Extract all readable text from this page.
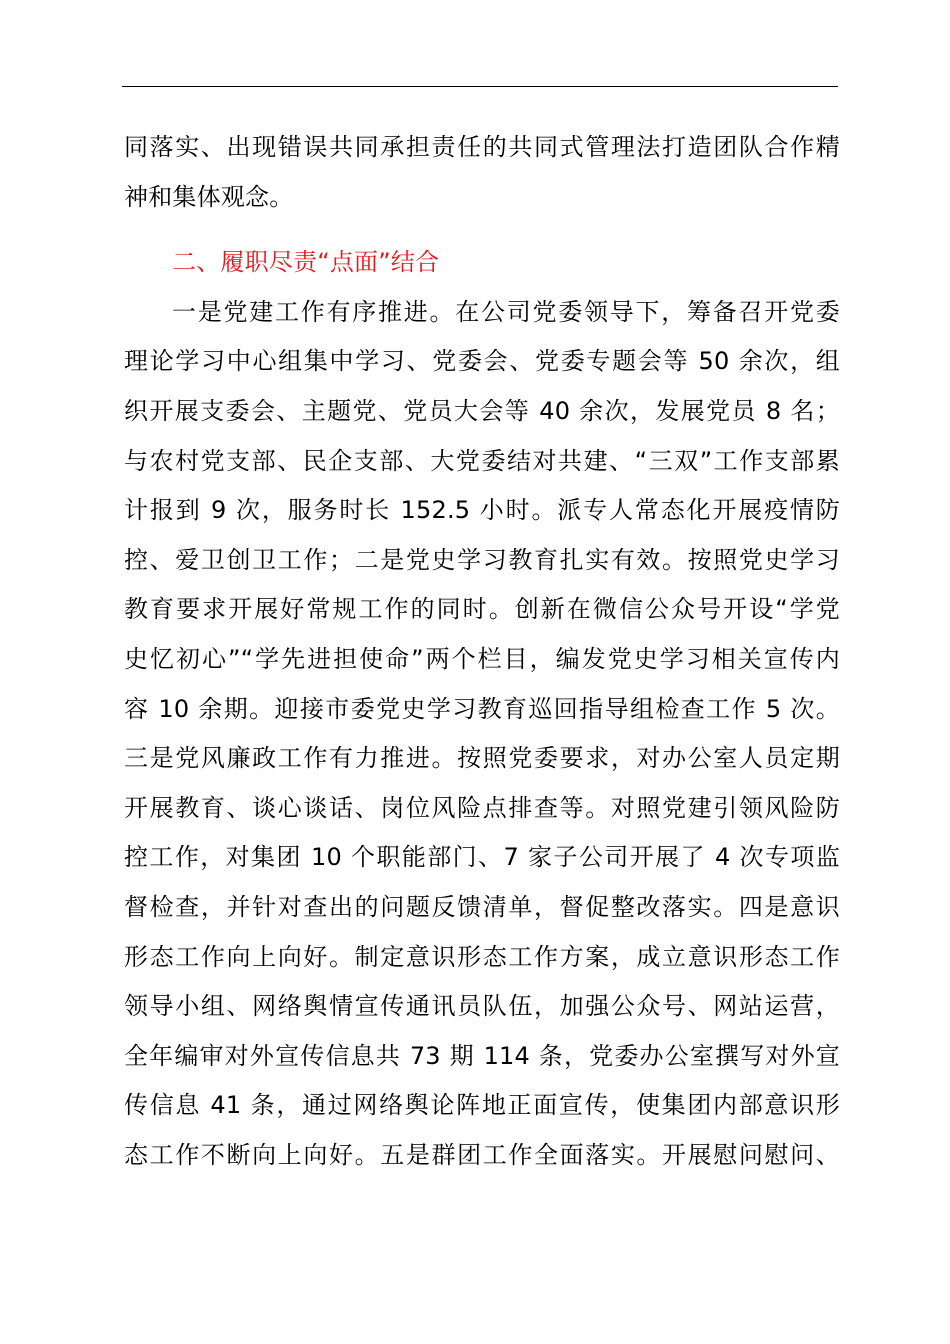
同落实、出现错误共同承担责任的共同式管理法打造团队合作精
神和集体观念。
二、履职尽责“点面”结合
一是党建工作有序推进。在公司党委领导下，筹备召开党委
理论学习中心组集中学习、党委会、党委专题会等 50 余次，组
织开展支委会、主题党、党员大会等 40 余次，发展党员 8 名；
与农村党支部、民企支部、大党委结对共建、“三双”工作支部累
计报到 9 次，服务时长 152.5 小时。派专人常态化开展疫情防
控、爱卫创卫工作；二是党史学习教育扎实有效。按照党史学习
教育要求开展好常规工作的同时。创新在微信公众号开设“学党
史忆初心”“学先进担使命”两个栏目，编发党史学习相关宣传内
容 10 余期。迎接市委党史学习教育巡回指导组检查工作 5 次。
三是党风廉政工作有力推进。按照党委要求，对办公室人员定期
开展教育、谈心谈话、岗位风险点排查等。对照党建引领风险防
控工作，对集团 10 个职能部门、7 家子公司开展了 4 次专项监
督检查，并针对查出的问题反馈清单，督促整改落实。四是意识
形态工作向上向好。制定意识形态工作方案，成立意识形态工作
领导小组、网络舆情宣传通讯员队伍，加强公众号、网站运营，
全年编审对外宣传信息共 73 期 114 条，党委办公室撰写对外宣
传信息 41 条，通过网络舆论阵地正面宣传，使集团内部意识形
态工作不断向上向好。五是群团工作全面落实。开展慰问慰问、
